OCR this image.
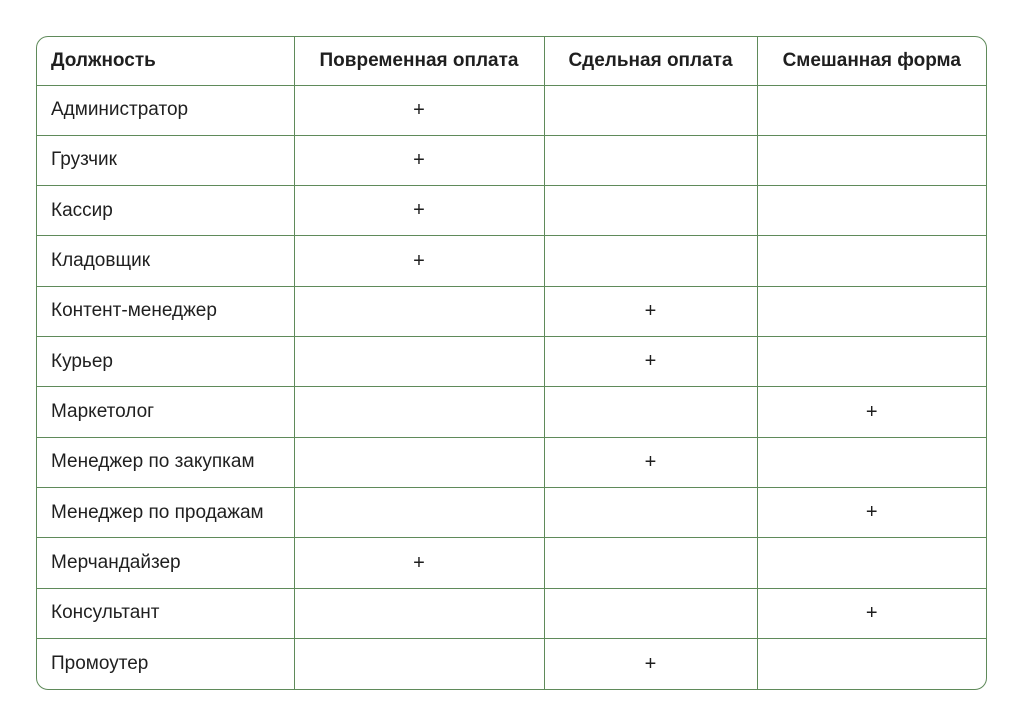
Должность	Повременная оплата	Сдельная оплата	Смешанная форма
Администратор	+		
Грузчик	+		
Кассир	+		
Кладовщик	+		
Контент-менеджер		+	
Курьер		+	
Маркетолог			+
Менеджер по закупкам		+	
Менеджер по продажам			+
Мерчандайзер	+		
Консультант			+
Промоутер		+	
